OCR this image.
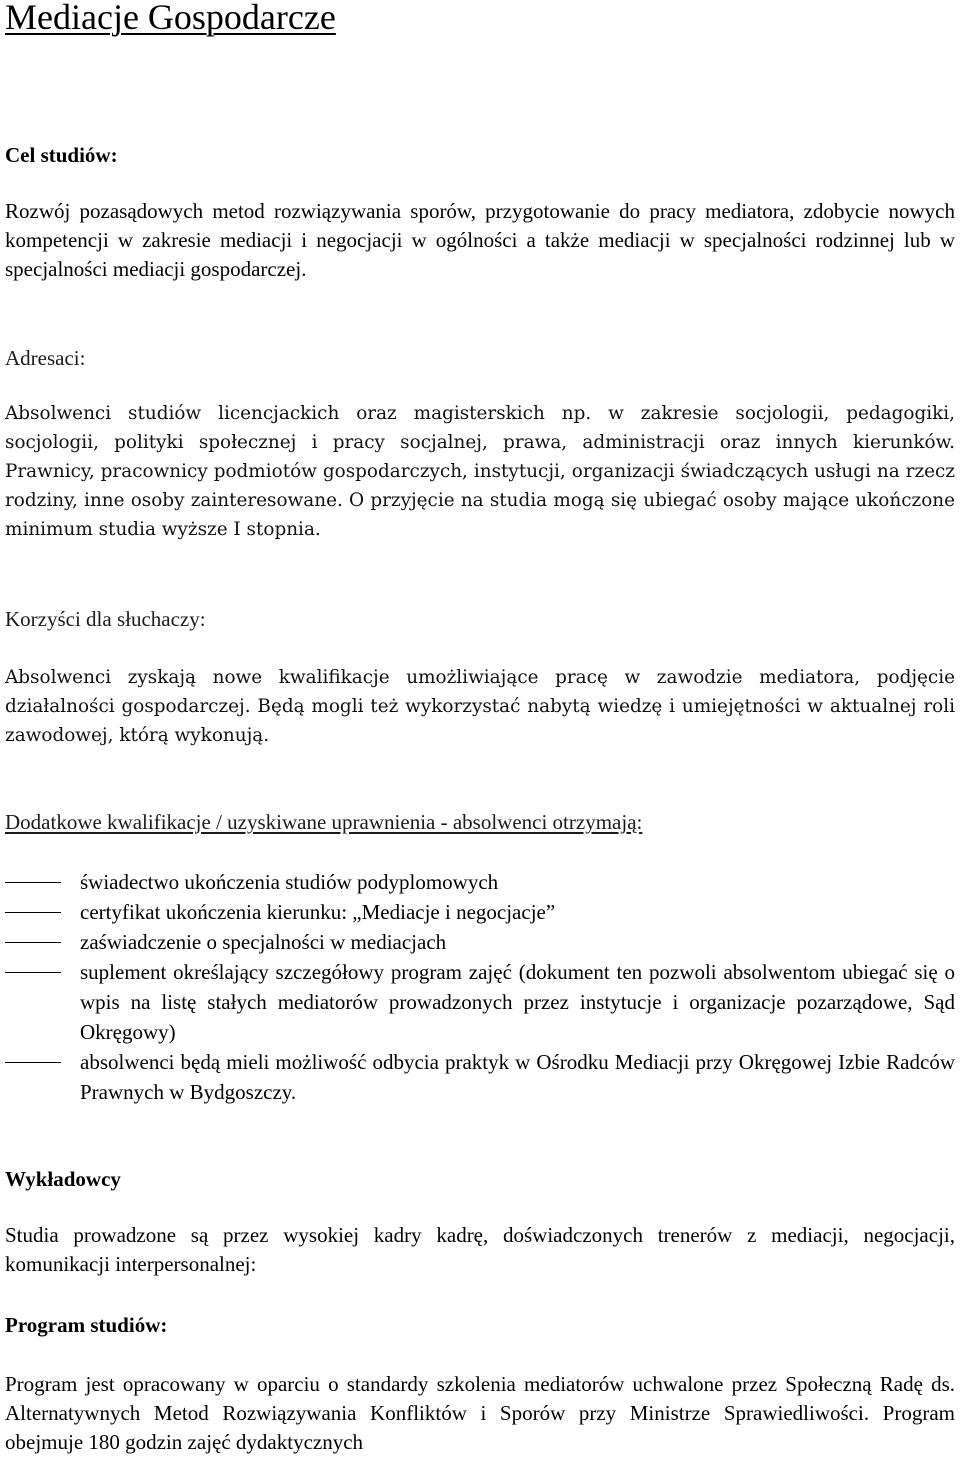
Mediacje Gospodarcze
Cel studiów:

Rozwój pozasądowych metod rozwiązywania sporów, przygotowanie do pracy mediatora, zdobycie nowych kompetencji w zakresie mediacji i negocjacji w ogólności a także mediacji w specjalności rodzinnej lub w specjalności mediacji gospodarczej.

Adresaci:

Absolwenci studiów licencjackich oraz magisterskich np. w zakresie socjologii, pedagogiki, socjologii, polityki społecznej i pracy socjalnej, prawa, administracji oraz innych kierunków. Prawnicy, pracownicy podmiotów gospodarczych, instytucji, organizacji świadczących usługi na rzecz rodziny, inne osoby zainteresowane. O przyjęcie na studia mogą się ubiegać osoby mające ukończone minimum studia wyższe I stopnia.

Korzyści dla słuchaczy:

Absolwenci zyskają nowe kwalifikacje umożliwiające pracę w zawodzie mediatora, podjęcie działalności gospodarczej. Będą mogli też wykorzystać nabytą wiedzę i umiejętności w aktualnej roli zawodowej, którą wykonują.

Dodatkowe kwalifikacje / uzyskiwane uprawnienia - absolwenci otrzymają:
świadectwo ukończenia studiów podyplomowych
certyfikat ukończenia kierunku: „Mediacje i negocjacje”
zaświadczenie o specjalności w mediacjach
suplement określający szczegółowy program zajęć (dokument ten pozwoli absolwentom ubiegać się o wpis na listę stałych mediatorów prowadzonych przez instytucje i organizacje pozarządowe, Sąd Okręgowy)
absolwenci będą mieli możliwość odbycia praktyk w Ośrodku Mediacji przy Okręgowej Izbie Radców Prawnych w Bydgoszczy.
Wykładowcy

Studia prowadzone są przez wysokiej kadry kadrę, doświadczonych trenerów z mediacji, negocjacji, komunikacji interpersonalnej:

Program studiów:

Program jest opracowany w oparciu o standardy szkolenia mediatorów uchwalone przez Społeczną Radę ds. Alternatywnych Metod Rozwiązywania Konfliktów i Sporów przy Ministrze Sprawiedliwości. Program obejmuje 180 godzin zajęć dydaktycznych
